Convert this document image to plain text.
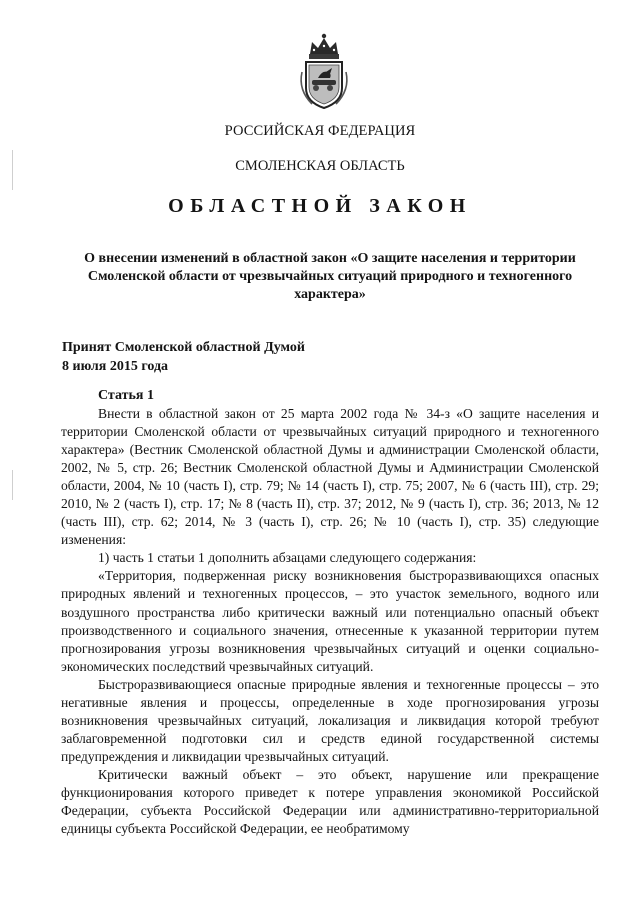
РОССИЙСКАЯ ФЕДЕРАЦИЯ
СМОЛЕНСКАЯ ОБЛАСТЬ
ОБЛАСТНОЙ ЗАКОН
О внесении изменений в областной закон «О защите населения и территории Смоленской области от чрезвычайных ситуаций природного и техногенного характера»
Принят Смоленской областной Думой
8 июля 2015 года
Статья 1

Внести в областной закон от 25 марта 2002 года № 34-з «О защите населения и территории Смоленской области от чрезвычайных ситуаций природного и техногенного характера» (Вестник Смоленской областной Думы и администрации Смоленской области, 2002, № 5, стр. 26; Вестник Смоленской областной Думы и Администрации Смоленской области, 2004, № 10 (часть I), стр. 79; № 14 (часть I), стр. 75; 2007, № 6 (часть III), стр. 29; 2010, № 2 (часть I), стр. 17; № 8 (часть II), стр. 37; 2012, № 9 (часть I), стр. 36; 2013, № 12 (часть III), стр. 62; 2014, № 3 (часть I), стр. 26; № 10 (часть I), стр. 35) следующие изменения:

1) часть 1 статьи 1 дополнить абзацами следующего содержания:

«Территория, подверженная риску возникновения быстроразвивающихся опасных природных явлений и техногенных процессов, – это участок земельного, водного или воздушного пространства либо критически важный или потенциально опасный объект производственного и социального значения, отнесенные к указанной территории путем прогнозирования угрозы возникновения чрезвычайных ситуаций и оценки социально-экономических последствий чрезвычайных ситуаций.

Быстроразвивающиеся опасные природные явления и техногенные процессы – это негативные явления и процессы, определенные в ходе прогнозирования угрозы возникновения чрезвычайных ситуаций, локализация и ликвидация которой требуют заблаговременной подготовки сил и средств единой государственной системы предупреждения и ликвидации чрезвычайных ситуаций.

Критически важный объект – это объект, нарушение или прекращение функционирования которого приведет к потере управления экономикой Российской Федерации, субъекта Российской Федерации или административно-территориальной единицы субъекта Российской Федерации, ее необратимому
